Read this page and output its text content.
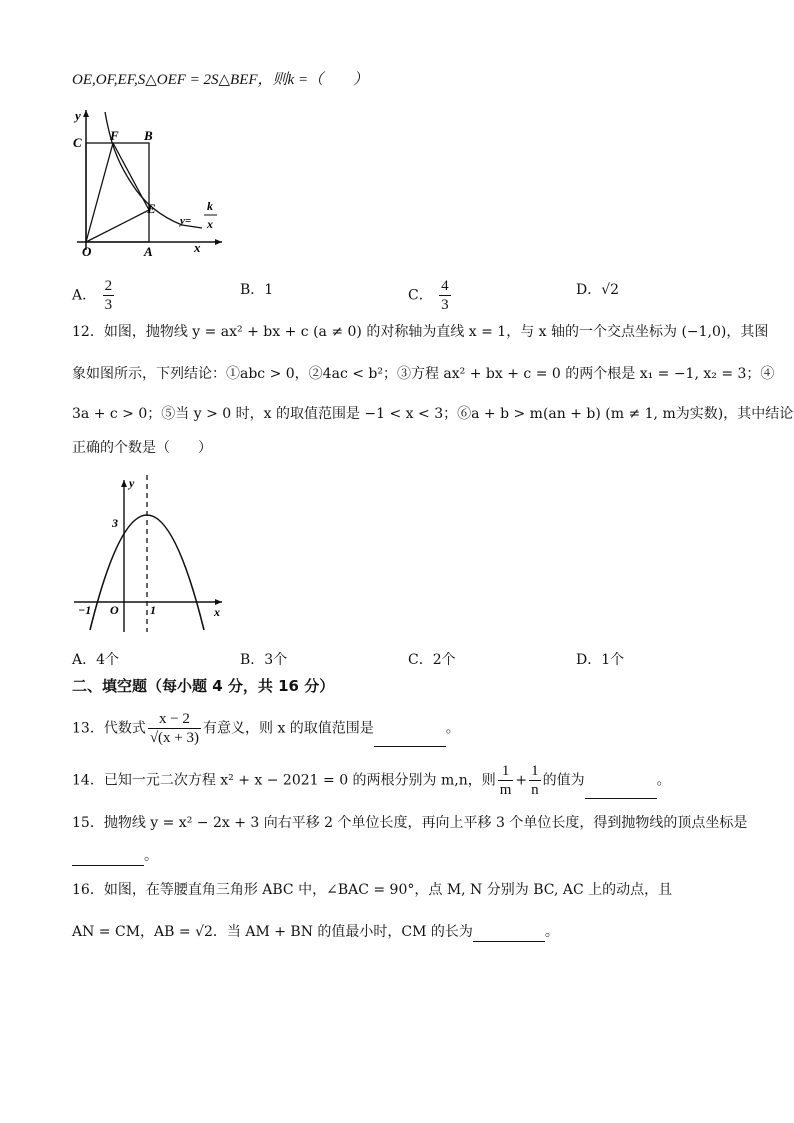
OE,OF,EF,S△OEF = 2S△BEF，则k =（　　）
y
C F B
E
O	A	x
y=
k
x
A． $\frac{2}{3}$	B．1	C． $\frac{4}{3}$	D．√2
12．如图，抛物线 y = ax² + bx + c (a ≠ 0) 的对称轴为直线 x = 1，与 x 轴的一个交点坐标为 (−1,0)，其图
象如图所示，下列结论：①abc > 0，②4ac < b²；③方程 ax² + bx + c = 0 的两个根是 x₁ = −1, x₂ = 3；④
3a + c > 0；⑤当 y > 0 时，x 的取值范围是 −1 < x < 3；⑥a + b > m(an + b) (m ≠ 1, m为实数)，其中结论
正确的个数是（　　）
y
3
−1 O	1	x
A．4个	B．3个	C．2个	D．1个
二、填空题（每小题 4 分，共 16 分）
13．代数式 $\frac{x - 2}{√(x + 3)}$ 有意义，则 x 的取值范围是	。
14．已知一元二次方程 x² + x − 2021 = 0 的两根分别为 m,n，则 $\frac{1}{m} + \frac{1}{n}$ 的值为	。
15．抛物线 y = x² − 2x + 3 向右平移 2 个单位长度，再向上平移 3 个单位长度，得到抛物线的顶点坐标是
。
16．如图，在等腰直角三角形 ABC 中，∠BAC = 90°，点 M, N 分别为 BC, AC 上的动点，且
AN = CM，AB = √2．当 AM + BN 的值最小时，CM 的长为	。
